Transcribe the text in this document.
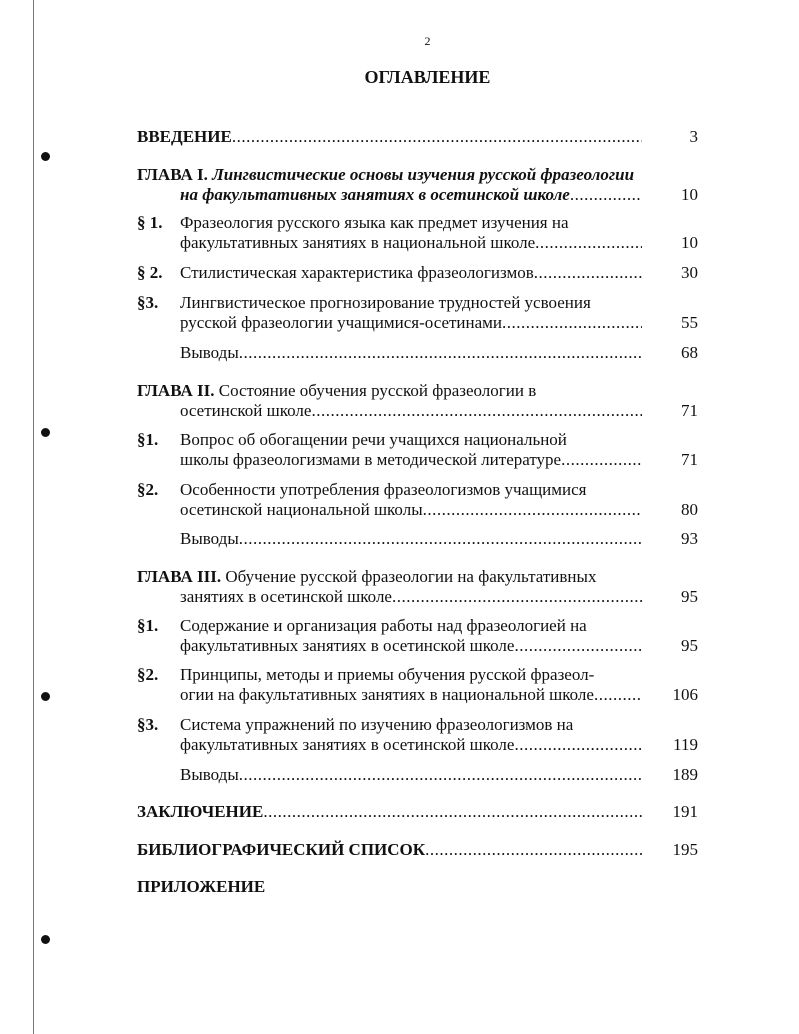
2
ОГЛАВЛЕНИЕ
ВВЕДЕНИЕ .....	3
ГЛАВА I.
Лингвистические основы изучения русской фразеологии
на факультативных занятиях в осетинской школе .....	10
§ 1. Фразеология русского языка как предмет изучения на
факультативных занятиях в национальной школе .....	10
§ 2. Стилистическая характеристика фразеологизмов .....	30
§3. Лингвистическое прогнозирование трудностей усвоения
русской фразеологии учащимися-осетинами .....	55
Выводы .....	68
ГЛАВА II.
Состояние обучения русской фразеологии в
осетинской школе .....	71
§1. Вопрос об обогащении речи учащихся национальной
школы фразеологизмами в методической литературе .....	71
§2. Особенности употребления фразеологизмов учащимися
осетинской национальной школы .....	80
Выводы .....	93
ГЛАВА III.
Обучение русской фразеологии на факультативных
занятиях в осетинской школе .....	95
§1. Содержание и организация работы над фразеологией на
факультативных занятиях в осетинской школе .....	95
§2. Принципы, методы и приемы обучения русской фразеол-
огии на факультативных занятиях в национальной школе .....	106
§3. Система упражнений по изучению фразеологизмов на
факультативных занятиях в осетинской школе .....	119
Выводы .....	189
ЗАКЛЮЧЕНИЕ .....	191
БИБЛИОГРАФИЧЕСКИЙ СПИСОК .....	195
ПРИЛОЖЕНИЕ
